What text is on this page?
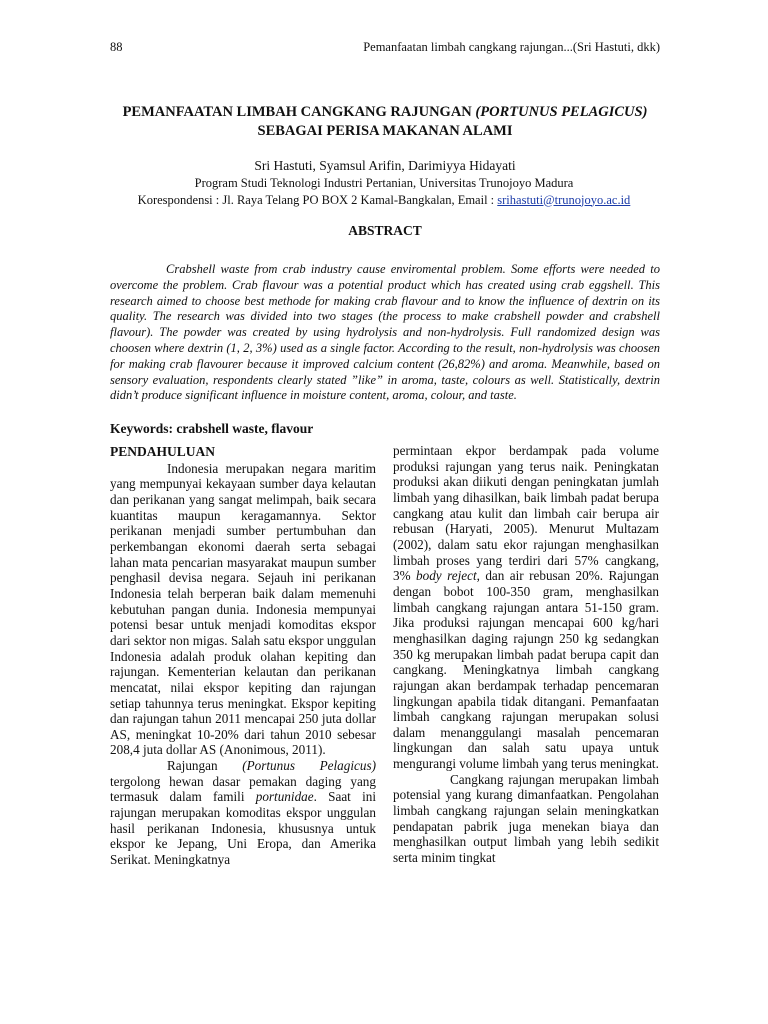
88	Pemanfaatan limbah cangkang rajungan...(Sri Hastuti, dkk)
PEMANFAATAN LIMBAH CANGKANG RAJUNGAN (PORTUNUS PELAGICUS) SEBAGAI PERISA MAKANAN ALAMI
Sri Hastuti, Syamsul Arifin, Darimiyya Hidayati
Program Studi Teknologi Industri Pertanian, Universitas Trunojoyo Madura
Korespondensi : Jl. Raya Telang PO BOX 2 Kamal-Bangkalan, Email : srihastuti@trunojoyo.ac.id
ABSTRACT
Crabshell waste from crab industry cause enviromental problem. Some efforts were needed to overcome the problem. Crab flavour was a potential product which has created using crab eggshell. This research aimed to choose best methode for making crab flavour and to know the influence of dextrin on its quality. The research was divided into two stages (the process to make crabshell powder and crabshell flavour). The powder was created by using hydrolysis and non-hydrolysis. Full randomized design was choosen where dextrin (1, 2, 3%) used as a single factor. According to the result, non-hydrolysis was choosen for making crab flavourer because it improved calcium content (26,82%) and aroma. Meanwhile, based on sensory evaluation, respondents clearly stated ”like” in aroma, taste, colours as well. Statistically, dextrin didn’t produce significant influence in moisture content, aroma, colour, and taste.
Keywords: crabshell waste, flavour

PENDAHULUAN

Indonesia merupakan negara maritim yang mempunyai kekayaan sumber daya kelautan dan perikanan yang sangat melimpah, baik secara kuantitas maupun keragamannya. Sektor perikanan menjadi sumber pertumbuhan dan perkembangan ekonomi daerah serta sebagai lahan mata pencarian masyarakat maupun sumber penghasil devisa negara. Sejauh ini perikanan Indonesia telah berperan baik dalam memenuhi kebutuhan pangan dunia. Indonesia mempunyai potensi besar untuk menjadi komoditas ekspor dari sektor non migas. Salah satu ekspor unggulan Indonesia adalah produk olahan kepiting dan rajungan. Kementerian kelautan dan perikanan mencatat, nilai ekspor kepiting dan rajungan setiap tahunnya terus meningkat. Ekspor kepiting dan rajungan tahun 2011 mencapai 250 juta dollar AS, meningkat 10-20% dari tahun 2010 sebesar 208,4 juta dollar AS (Anonimous, 2011).

Rajungan (Portunus Pelagicus) tergolong hewan dasar pemakan daging yang termasuk dalam famili portunidae. Saat ini rajungan merupakan komoditas ekspor unggulan hasil perikanan Indonesia, khususnya untuk ekspor ke Jepang, Uni Eropa, dan Amerika Serikat. Meningkatnya

permintaan ekpor berdampak pada volume produksi rajungan yang terus naik. Peningkatan produksi akan diikuti dengan peningkatan jumlah limbah yang dihasilkan, baik limbah padat berupa cangkang atau kulit dan limbah cair berupa air rebusan (Haryati, 2005). Menurut Multazam (2002), dalam satu ekor rajungan menghasilkan limbah proses yang terdiri dari 57% cangkang, 3% body reject, dan air rebusan 20%. Rajungan dengan bobot 100-350 gram, menghasilkan limbah cangkang rajungan antara 51-150 gram. Jika produksi rajungan mencapai 600 kg/hari menghasilkan daging rajungn 250 kg sedangkan 350 kg merupakan limbah padat berupa capit dan cangkang. Meningkatnya limbah cangkang rajungan akan berdampak terhadap pencemaran lingkungan apabila tidak ditangani. Pemanfaatan limbah cangkang rajungan merupakan solusi dalam menanggulangi masalah pencemaran lingkungan dan salah satu upaya untuk mengurangi volume limbah yang terus meningkat.

Cangkang rajungan merupakan limbah potensial yang kurang dimanfaatkan. Pengolahan limbah cangkang rajungan selain meningkatkan pendapatan pabrik juga menekan biaya dan menghasilkan output limbah yang lebih sedikit serta minim tingkat
